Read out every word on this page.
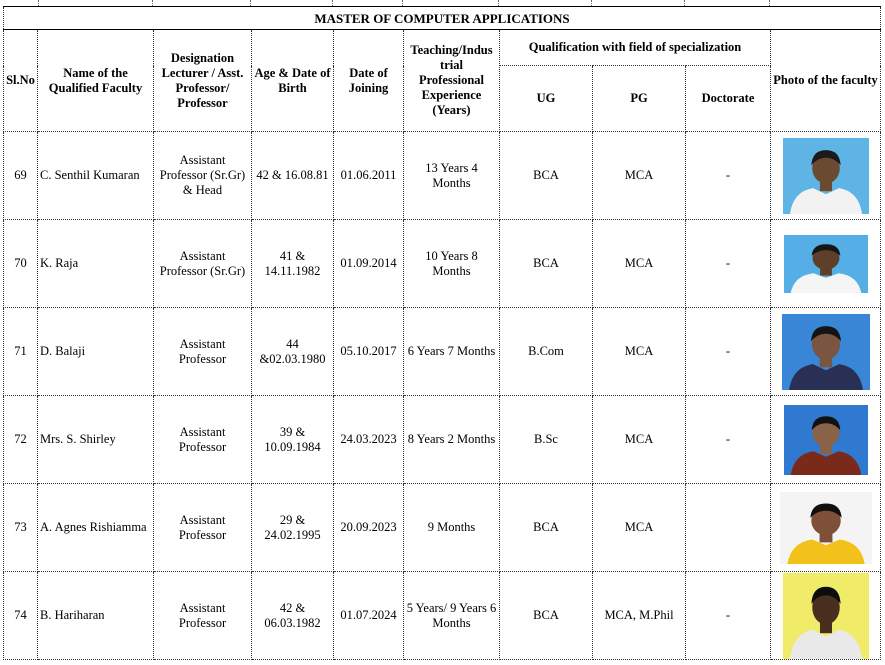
MASTER OF COMPUTER APPLICATIONS									
Sl.No	Name of the Qualified Faculty	Designation Lecturer / Asst. Professor/ Professor	Age & Date of Birth	Date of Joining	Teaching/Indus trial Professional Experience (Years)	Qualification with field of specialization			Photo of the faculty
						UG	PG	Doctorate	
69	C. Senthil Kumaran	Assistant Professor (Sr.Gr) & Head	42 & 16.08.81	01.06.2011	13 Years 4 Months	BCA	MCA	-	

70	K. Raja	Assistant Professor (Sr.Gr)	41 & 14.11.1982	01.09.2014	10 Years 8 Months	BCA	MCA	-	

71	D. Balaji	Assistant Professor	44 &02.03.1980	05.10.2017	6 Years 7 Months	B.Com	MCA	-	

72	Mrs. S. Shirley	Assistant Professor	39 & 10.09.1984	24.03.2023	8 Years 2 Months	B.Sc	MCA	-	

73	A. Agnes Rishiamma	Assistant Professor	29 & 24.02.1995	20.09.2023	9 Months	BCA	MCA		

74	B. Hariharan	Assistant Professor	42 & 06.03.1982	01.07.2024	5 Years/ 9 Years 6 Months	BCA	MCA, M.Phil	-	
